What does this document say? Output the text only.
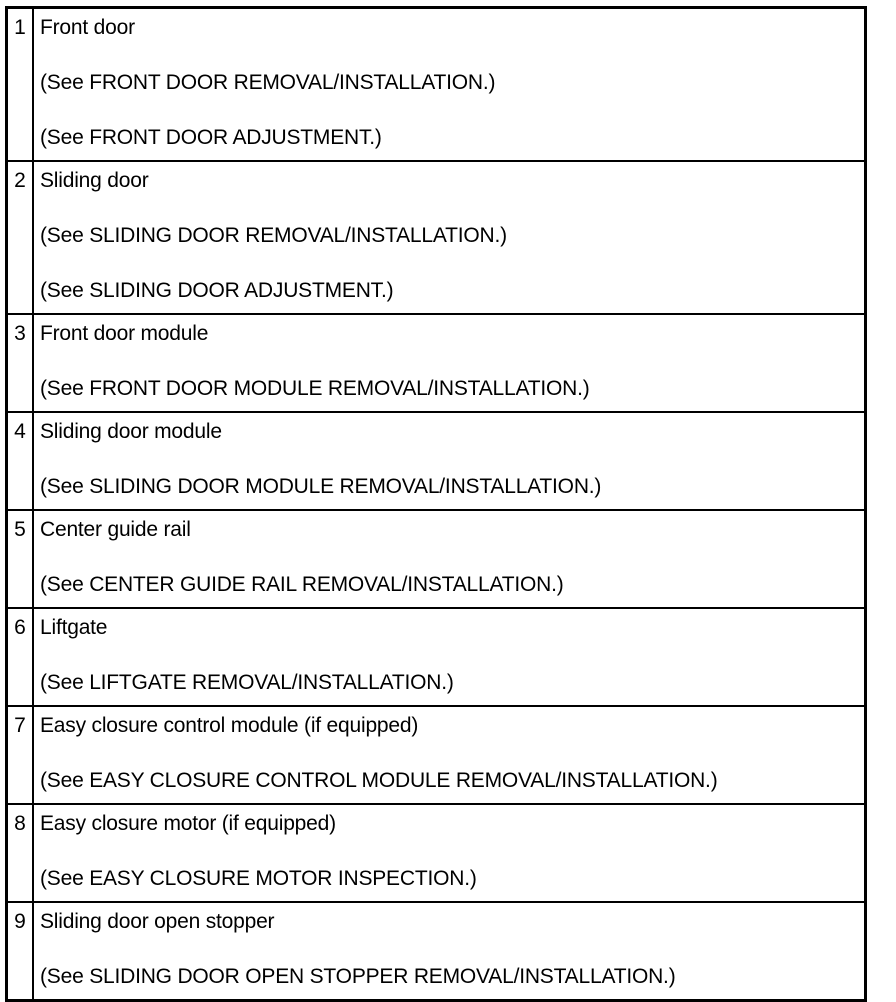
1	Front door
(See FRONT DOOR REMOVAL/INSTALLATION.)
(See FRONT DOOR ADJUSTMENT.)

2	Sliding door
(See SLIDING DOOR REMOVAL/INSTALLATION.)
(See SLIDING DOOR ADJUSTMENT.)

3	Front door module
(See FRONT DOOR MODULE REMOVAL/INSTALLATION.)

4	Sliding door module
(See SLIDING DOOR MODULE REMOVAL/INSTALLATION.)

5	Center guide rail
(See CENTER GUIDE RAIL REMOVAL/INSTALLATION.)

6	Liftgate
(See LIFTGATE REMOVAL/INSTALLATION.)

7	Easy closure control module (if equipped)
(See EASY CLOSURE CONTROL MODULE REMOVAL/INSTALLATION.)

8	Easy closure motor (if equipped)
(See EASY CLOSURE MOTOR INSPECTION.)

9	Sliding door open stopper
(See SLIDING DOOR OPEN STOPPER REMOVAL/INSTALLATION.)
